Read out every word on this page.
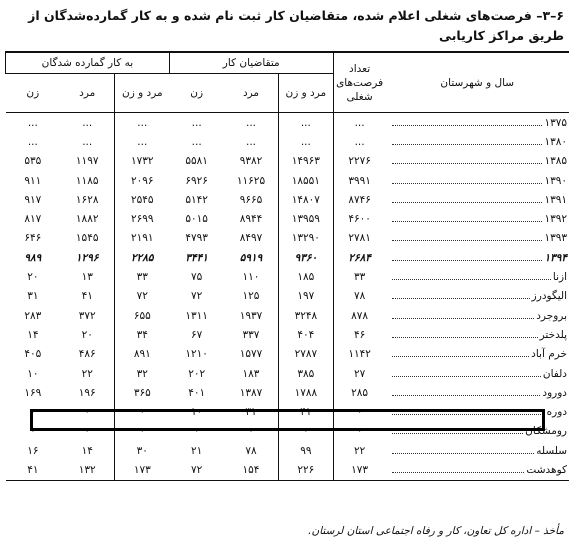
۶–۳– فرصت‌های شغلی اعلام شده، متقاضیان کار ثبت نام شده و به کار گمارده‌شدگان از طریق مراکز کاریابی
سال و شهرستان	تعداد فرصت‌های شغلی	متقاضیان کار			به کار گمارده شدگان		
		مرد و زن	مرد	زن	مرد و زن	مرد	زن

۱۳۷۵	...	...	...	...	...	...	...

۱۳۸۰	...	...	...	...	...	...	...

۱۳۸۵	۲۲۷۶	۱۴۹۶۳	۹۳۸۲	۵۵۸۱	۱۷۳۲	۱۱۹۷	۵۳۵

۱۳۹۰	۳۹۹۱	۱۸۵۵۱	۱۱۶۲۵	۶۹۲۶	۲۰۹۶	۱۱۸۵	۹۱۱

۱۳۹۱	۸۷۴۶	۱۴۸۰۷	۹۶۶۵	۵۱۴۲	۲۵۴۵	۱۶۲۸	۹۱۷

۱۳۹۲	۴۶۰۰	۱۳۹۵۹	۸۹۴۴	۵۰۱۵	۲۶۹۹	۱۸۸۲	۸۱۷

۱۳۹۳	۲۷۸۱	۱۳۲۹۰	۸۴۹۷	۴۷۹۳	۲۱۹۱	۱۵۴۵	۶۴۶

۱۳۹۴	۲۶۸۴	۹۳۶۰	۵۹۱۹	۳۴۴۱	۲۲۸۵	۱۲۹۶	۹۸۹

ازنا	۳۳	۱۸۵	۱۱۰	۷۵	۳۳	۱۳	۲۰

الیگودرز	۷۸	۱۹۷	۱۲۵	۷۲	۷۲	۴۱	۳۱

بروجرد	۸۷۸	۳۲۴۸	۱۹۳۷	۱۳۱۱	۶۵۵	۳۷۲	۲۸۳

پلدختر	۴۶	۴۰۴	۳۳۷	۶۷	۳۴	۲۰	۱۴

خرم آباد	۱۱۴۲	۲۷۸۷	۱۵۷۷	۱۲۱۰	۸۹۱	۴۸۶	۴۰۵

دلفان	۲۷	۳۸۵	۱۸۳	۲۰۲	۳۲	۲۲	۱۰

دورود	۲۸۵	۱۷۸۸	۱۳۸۷	۴۰۱	۳۶۵	۱۹۶	۱۶۹

دوره	۰	۴۱	۳۱	۱۰	۰	۰	۰

رومشکان	۰	۰	۰	۰	۰	۰	۰

سلسله	۲۲	۹۹	۷۸	۲۱	۳۰	۱۴	۱۶

کوهدشت	۱۷۳	۲۲۶	۱۵۴	۷۲	۱۷۳	۱۳۲	۴۱
مأخذ – اداره کل تعاون، کار و رفاه اجتماعی استان لرستان.
